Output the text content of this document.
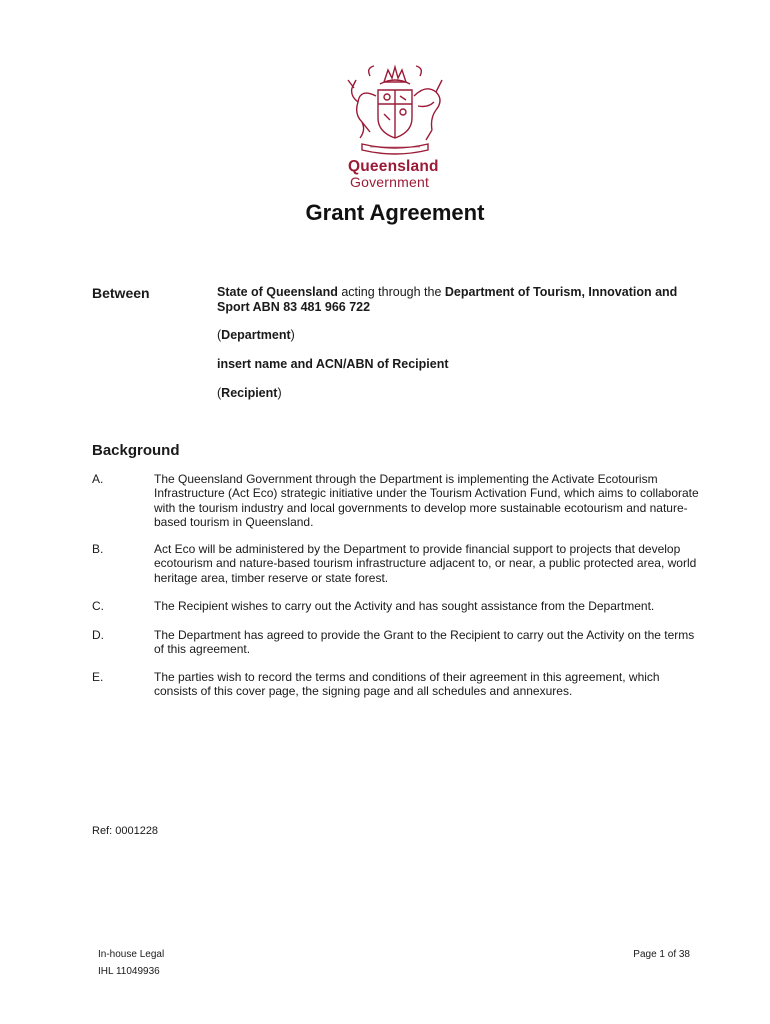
Queensland
Government
Grant Agreement
Between	State of Queensland acting through the Department of Tourism, Innovation and Sport ABN 83 481 966 722
(Department)
insert name and ACN/ABN of Recipient
(Recipient)
Background
A.	The Queensland Government through the Department is implementing the Activate Ecotourism Infrastructure (Act Eco) strategic initiative under the Tourism Activation Fund, which aims to collaborate with the tourism industry and local governments to develop more sustainable ecotourism and nature-based tourism in Queensland.
B.	Act Eco will be administered by the Department to provide financial support to projects that develop ecotourism and nature-based tourism infrastructure adjacent to, or near, a public protected area, world heritage area, timber reserve or state forest.
C.	The Recipient wishes to carry out the Activity and has sought assistance from the Department.
D.	The Department has agreed to provide the Grant to the Recipient to carry out the Activity on the terms of this agreement.
E.	The parties wish to record the terms and conditions of their agreement in this agreement, which consists of this cover page, the signing page and all schedules and annexures.
Ref: 0001228
In-house Legal
IHL 11049936
Page 1 of 38
